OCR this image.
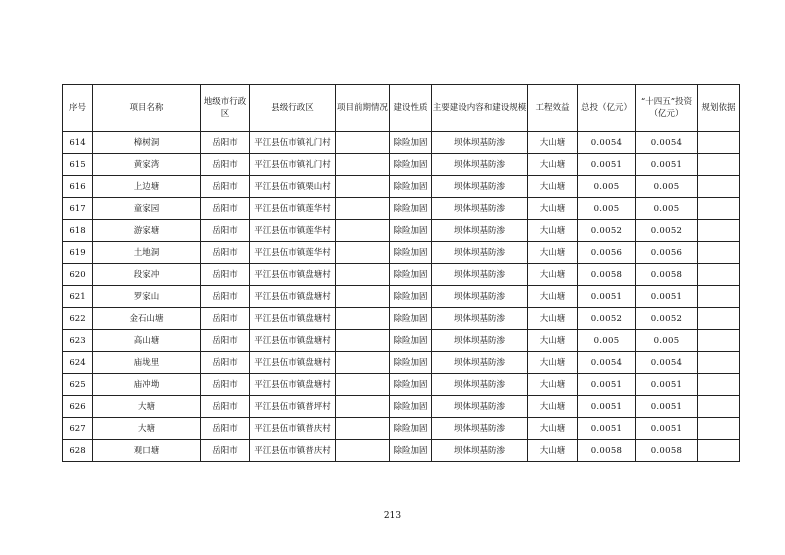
序号	项目名称	地级市行政区	县级行政区	项目前期情况	建设性质	主要建设内容和建设规模	工程效益	总投（亿元）	“十四五”投资（亿元）	规划依据
614	樟树洞	岳阳市	平江县伍市镇礼门村		除险加固	坝体坝基防渗	大山塘	0.0054	0.0054	
615	黄家湾	岳阳市	平江县伍市镇礼门村		除险加固	坝体坝基防渗	大山塘	0.0051	0.0051	
616	上边塘	岳阳市	平江县伍市镇栗山村		除险加固	坝体坝基防渗	大山塘	0.005	0.005	
617	童家园	岳阳市	平江县伍市镇莲华村		除险加固	坝体坝基防渗	大山塘	0.005	0.005	
618	游家塘	岳阳市	平江县伍市镇莲华村		除险加固	坝体坝基防渗	大山塘	0.0052	0.0052	
619	土地洞	岳阳市	平江县伍市镇莲华村		除险加固	坝体坝基防渗	大山塘	0.0056	0.0056	
620	段家冲	岳阳市	平江县伍市镇盘塘村		除险加固	坝体坝基防渗	大山塘	0.0058	0.0058	
621	罗家山	岳阳市	平江县伍市镇盘塘村		除险加固	坝体坝基防渗	大山塘	0.0051	0.0051	
622	金石山塘	岳阳市	平江县伍市镇盘塘村		除险加固	坝体坝基防渗	大山塘	0.0052	0.0052	
623	高山塘	岳阳市	平江县伍市镇盘塘村		除险加固	坝体坝基防渗	大山塘	0.005	0.005	
624	庙垅里	岳阳市	平江县伍市镇盘塘村		除险加固	坝体坝基防渗	大山塘	0.0054	0.0054	
625	庙冲坳	岳阳市	平江县伍市镇盘塘村		除险加固	坝体坝基防渗	大山塘	0.0051	0.0051	
626	大塘	岳阳市	平江县伍市镇普坪村		除险加固	坝体坝基防渗	大山塘	0.0051	0.0051	
627	大塘	岳阳市	平江县伍市镇普庆村		除险加固	坝体坝基防渗	大山塘	0.0051	0.0051	
628	观口塘	岳阳市	平江县伍市镇普庆村		除险加固	坝体坝基防渗	大山塘	0.0058	0.0058	
213
